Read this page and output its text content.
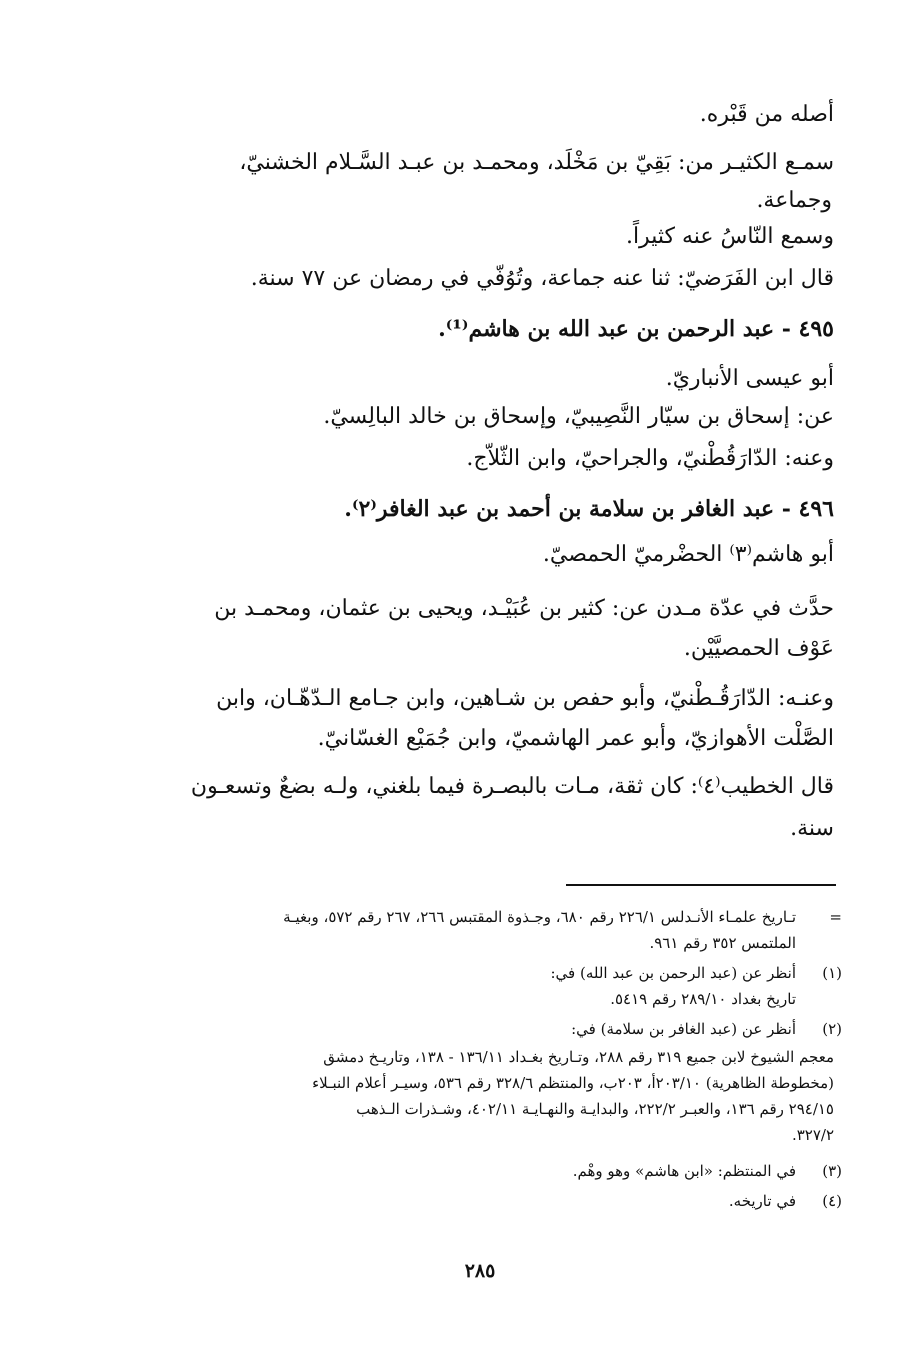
أصله من قَبْره.
سمـع الكثيـر من: بَقِيّ بن مَخْلَد، ومحمـد بن عبـد السَّـلام الخشنيّ،
وجماعة.
وسمع النّاسُ عنه كثيراً.
قال ابن الفَرَضيّ: ثنا عنه جماعة، وتُوُفّي في رمضان عن ٧٧ سنة.
٤٩٥ - عبد الرحمن بن عبد الله بن هاشم⁽¹⁾.
أبو عيسى الأنباريّ.
عن: إسحاق بن سيّار النَّصِيبيّ، وإسحاق بن خالد البالِسيّ.
وعنه: الدّارَقُطْنيّ، والجراحيّ، وابن الثّلاّج.
٤٩٦ - عبد الغافر بن سلامة بن أحمد بن عبد الغافر⁽٢⁾.
أبو هاشم⁽٣⁾ الحضْرميّ الحمصيّ.
حدَّث في عدّة مـدن عن: كثير بن عُبَيْـد، ويحيى بن عثمان، ومحمـد بن
عَوْف الحمصيَّيْن.
وعنـه: الدّارَقُـطْنيّ، وأبو حفص بن شـاهين، وابن جـامع الـدّهّـان، وابن
الصَّلْت الأهوازيّ، وأبو عمر الهاشميّ، وابن جُمَيْع الغسّانيّ.
قال الخطيب⁽٤⁾: كان ثقة، مـات بالبصـرة فيما بلغني، ولـه بضعٌ وتسعـون
سنة.
=
تـاريخ علمـاء الأنـدلس ٢٢٦/١ رقم ٦٨٠، وجـذوة المقتبس ٢٦٦، ٢٦٧ رقم ٥٧٢، وبغيـة
الملتمس ٣٥٢ رقم ٩٦١.
(١)
أنظر عن (عبد الرحمن بن عبد الله) في:
تاريخ بغداد ٢٨٩/١٠ رقم ٥٤١٩.
(٢)
أنظر عن (عبد الغافر بن سلامة) في:
معجم الشيوخ لابن جميع ٣١٩ رقم ٢٨٨، وتـاريخ بغـداد ١٣٦/١١ - ١٣٨، وتاريـخ دمشق
(مخطوطة الظاهرية) ٢٠٣/١٠أ، ٢٠٣ب، والمنتظم ٣٢٨/٦ رقم ٥٣٦، وسيـر أعلام النبـلاء
٢٩٤/١٥ رقم ١٣٦، والعبـر ٢٢٢/٢، والبدايـة والنهـايـة ٤٠٢/١١، وشـذرات الـذهب
٣٢٧/٢.
(٣)
في المنتظم: «ابن هاشم» وهو وهْم.
(٤)
في تاريخه.
٢٨٥
